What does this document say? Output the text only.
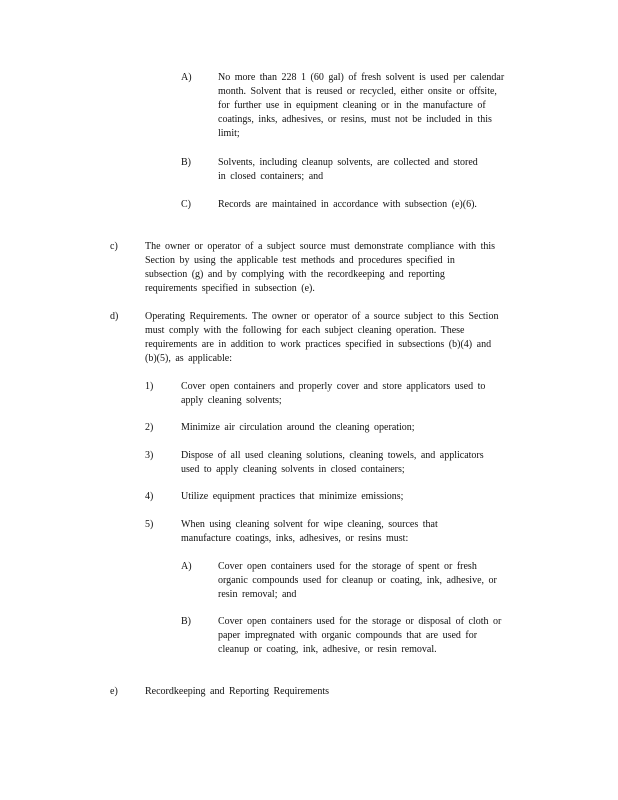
A)	No more than 228 1 (60 gal) of fresh solvent is used per calendar month. Solvent that is reused or recycled, either onsite or offsite, for further use in equipment cleaning or in the manufacture of coatings, inks, adhesives, or resins, must not be included in this limit;
B)	Solvents, including cleanup solvents, are collected and stored in closed containers; and
C)	Records are maintained in accordance with subsection (e)(6).
c)	The owner or operator of a subject source must demonstrate compliance with this Section by using the applicable test methods and procedures specified in subsection (g) and by complying with the recordkeeping and reporting requirements specified in subsection (e).
d)	Operating Requirements. The owner or operator of a source subject to this Section must comply with the following for each subject cleaning operation. These requirements are in addition to work practices specified in subsections (b)(4) and (b)(5), as applicable:
1)	Cover open containers and properly cover and store applicators used to apply cleaning solvents;
2)	Minimize air circulation around the cleaning operation;
3)	Dispose of all used cleaning solutions, cleaning towels, and applicators used to apply cleaning solvents in closed containers;
4)	Utilize equipment practices that minimize emissions;
5)	When using cleaning solvent for wipe cleaning, sources that manufacture coatings, inks, adhesives, or resins must:
A)	Cover open containers used for the storage of spent or fresh organic compounds used for cleanup or coating, ink, adhesive, or resin removal; and
B)	Cover open containers used for the storage or disposal of cloth or paper impregnated with organic compounds that are used for cleanup or coating, ink, adhesive, or resin removal.
e)	Recordkeeping and Reporting Requirements
